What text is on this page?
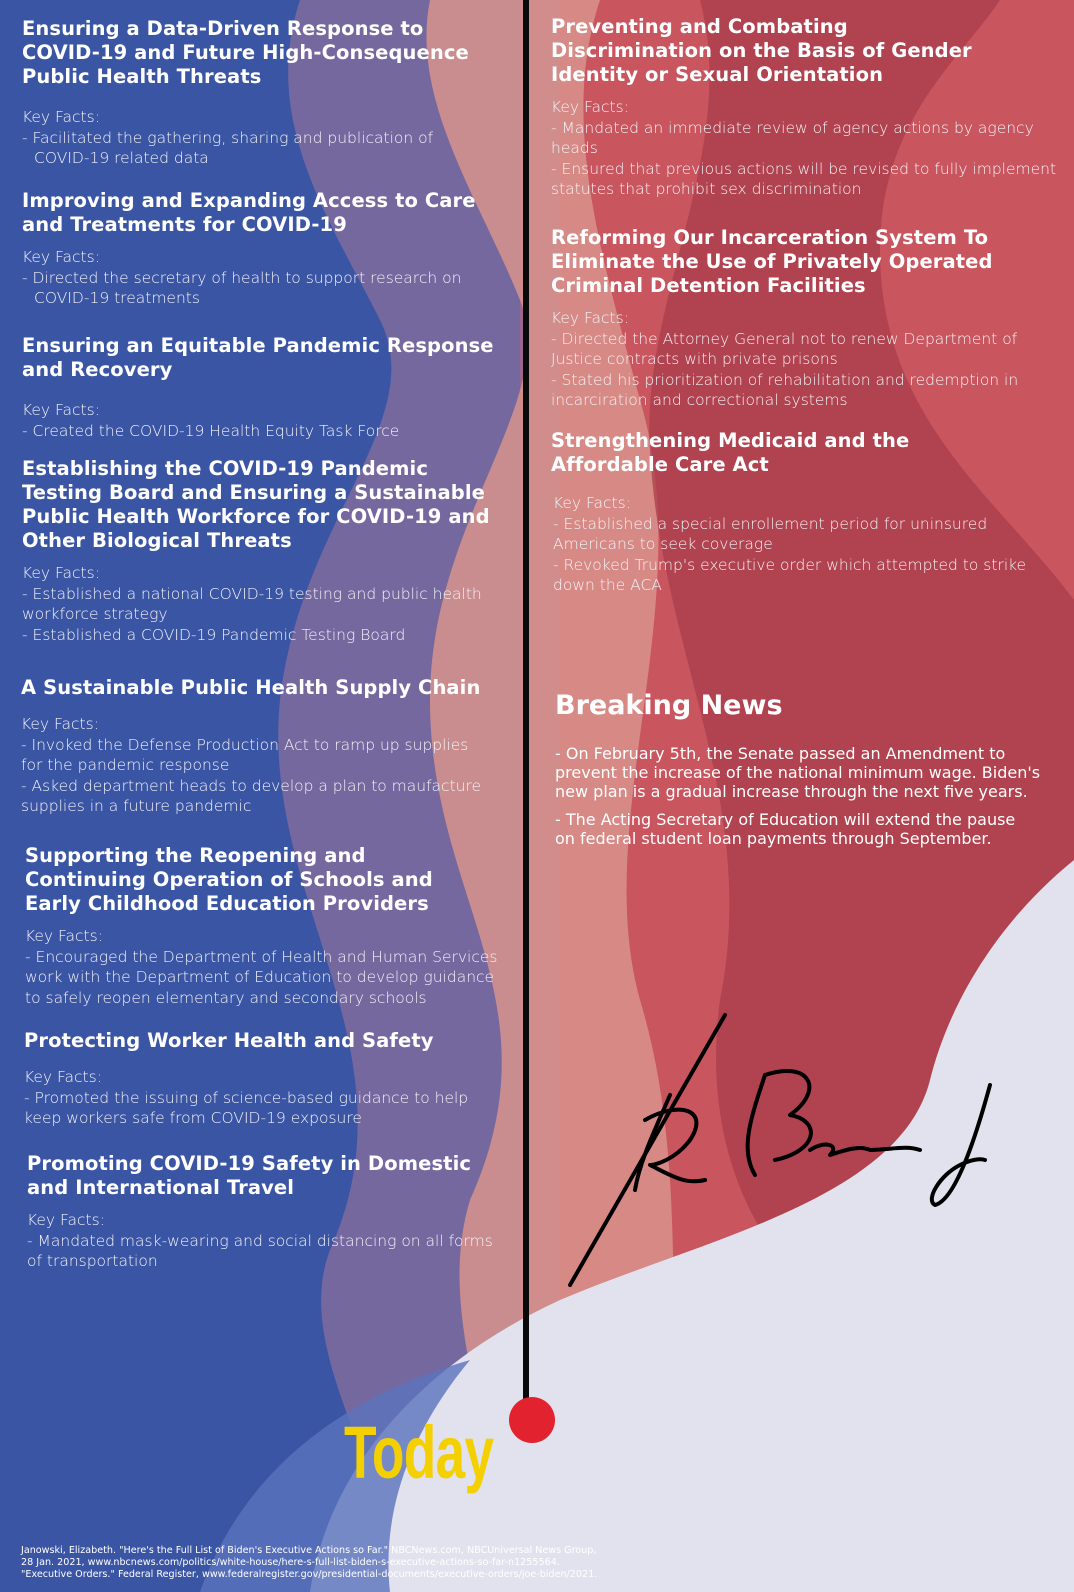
Today
Ensuring a Data-Driven Response to COVID-19 and Future High-Consequence Public Health Threats
Key Facts:
- Facilitated the gathering, sharing and publication of COVID-19 related data
Improving and Expanding Access to Care and Treatments for COVID-19
Key Facts:
- Directed the secretary of health to support research on COVID-19 treatments
Ensuring an Equitable Pandemic Response and Recovery
Key Facts:
- Created the COVID-19 Health Equity Task Force
Establishing the COVID-19 Pandemic Testing Board and Ensuring a Sustainable Public Health Workforce for COVID-19 and Other Biological Threats
Key Facts:
- Established a national COVID-19 testing and public health workforce strategy
- Established a COVID-19 Pandemic Testing Board
A Sustainable Public Health Supply Chain
Key Facts:
- Invoked the Defense Production Act to ramp up supplies for the pandemic response
- Asked department heads to develop a plan to maufacture supplies in a future pandemic
Supporting the Reopening and Continuing Operation of Schools and Early Childhood Education Providers
Key Facts:
- Encouraged the Department of Health and Human Services work with the Department of Education to develop guidance to safely reopen elementary and secondary schools
Protecting Worker Health and Safety
Key Facts:
- Promoted the issuing of science-based guidance to help keep workers safe from COVID-19 exposure
Promoting COVID-19 Safety in Domestic and International Travel
Key Facts:
- Mandated mask-wearing and social distancing on all forms of transportation
Preventing and Combating Discrimination on the Basis of Gender Identity or Sexual Orientation
Key Facts:
- Mandated an immediate review of agency actions by agency heads
- Ensured that previous actions will be revised to fully implement statutes that prohibit sex discrimination
Reforming Our Incarceration System To Eliminate the Use of Privately Operated Criminal Detention Facilities
Key Facts:
- Directed the Attorney General not to renew Department of Justice contracts with private prisons
- Stated his prioritization of rehabilitation and redemption in incarciration and correctional systems
Strengthening Medicaid and the Affordable Care Act
Key Facts:
- Established a special enrollement period for uninsured Americans to seek coverage
- Revoked Trump's executive order which attempted to strike down the ACA
Breaking News
- On February 5th, the Senate passed an Amendment to prevent the increase of the national minimum wage. Biden's new plan is a gradual increase through the next five years.
- The Acting Secretary of Education will extend the pause on federal student loan payments through September.
Janowski, Elizabeth. "Here's the Full List of Biden's Executive Actions so Far." NBCNews.com, NBCUniversal News Group,
28 Jan. 2021, www.nbcnews.com/politics/white-house/here-s-full-list-biden-s-executive-actions-so-far-n1255564.
"Executive Orders." Federal Register, www.federalregister.gov/presidential-documents/executive-orders/joe-biden/2021.
